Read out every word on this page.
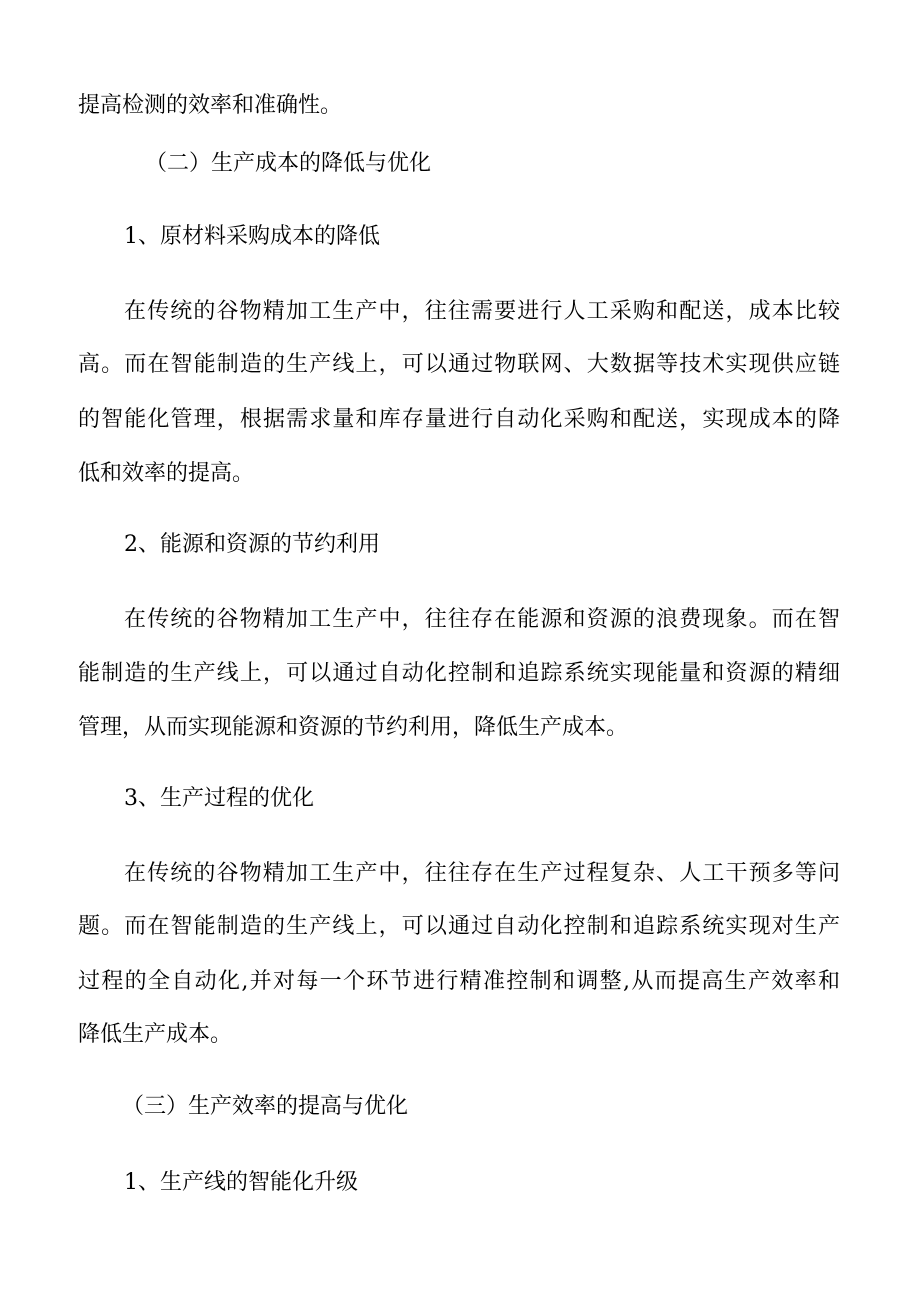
提高检测的效率和准确性。
（二）生产成本的降低与优化
1、原材料采购成本的降低
在传统的谷物精加工生产中，往往需要进行人工采购和配送，成本比较
高。而在智能制造的生产线上，可以通过物联网、大数据等技术实现供应链
的智能化管理，根据需求量和库存量进行自动化采购和配送，实现成本的降
低和效率的提高。
2、能源和资源的节约利用
在传统的谷物精加工生产中，往往存在能源和资源的浪费现象。而在智
能制造的生产线上，可以通过自动化控制和追踪系统实现能量和资源的精细
管理，从而实现能源和资源的节约利用，降低生产成本。
3、生产过程的优化
在传统的谷物精加工生产中，往往存在生产过程复杂、人工干预多等问
题。而在智能制造的生产线上，可以通过自动化控制和追踪系统实现对生产
过程的全自动化,并对每一个环节进行精准控制和调整,从而提高生产效率和
降低生产成本。
（三）生产效率的提高与优化
1、生产线的智能化升级
